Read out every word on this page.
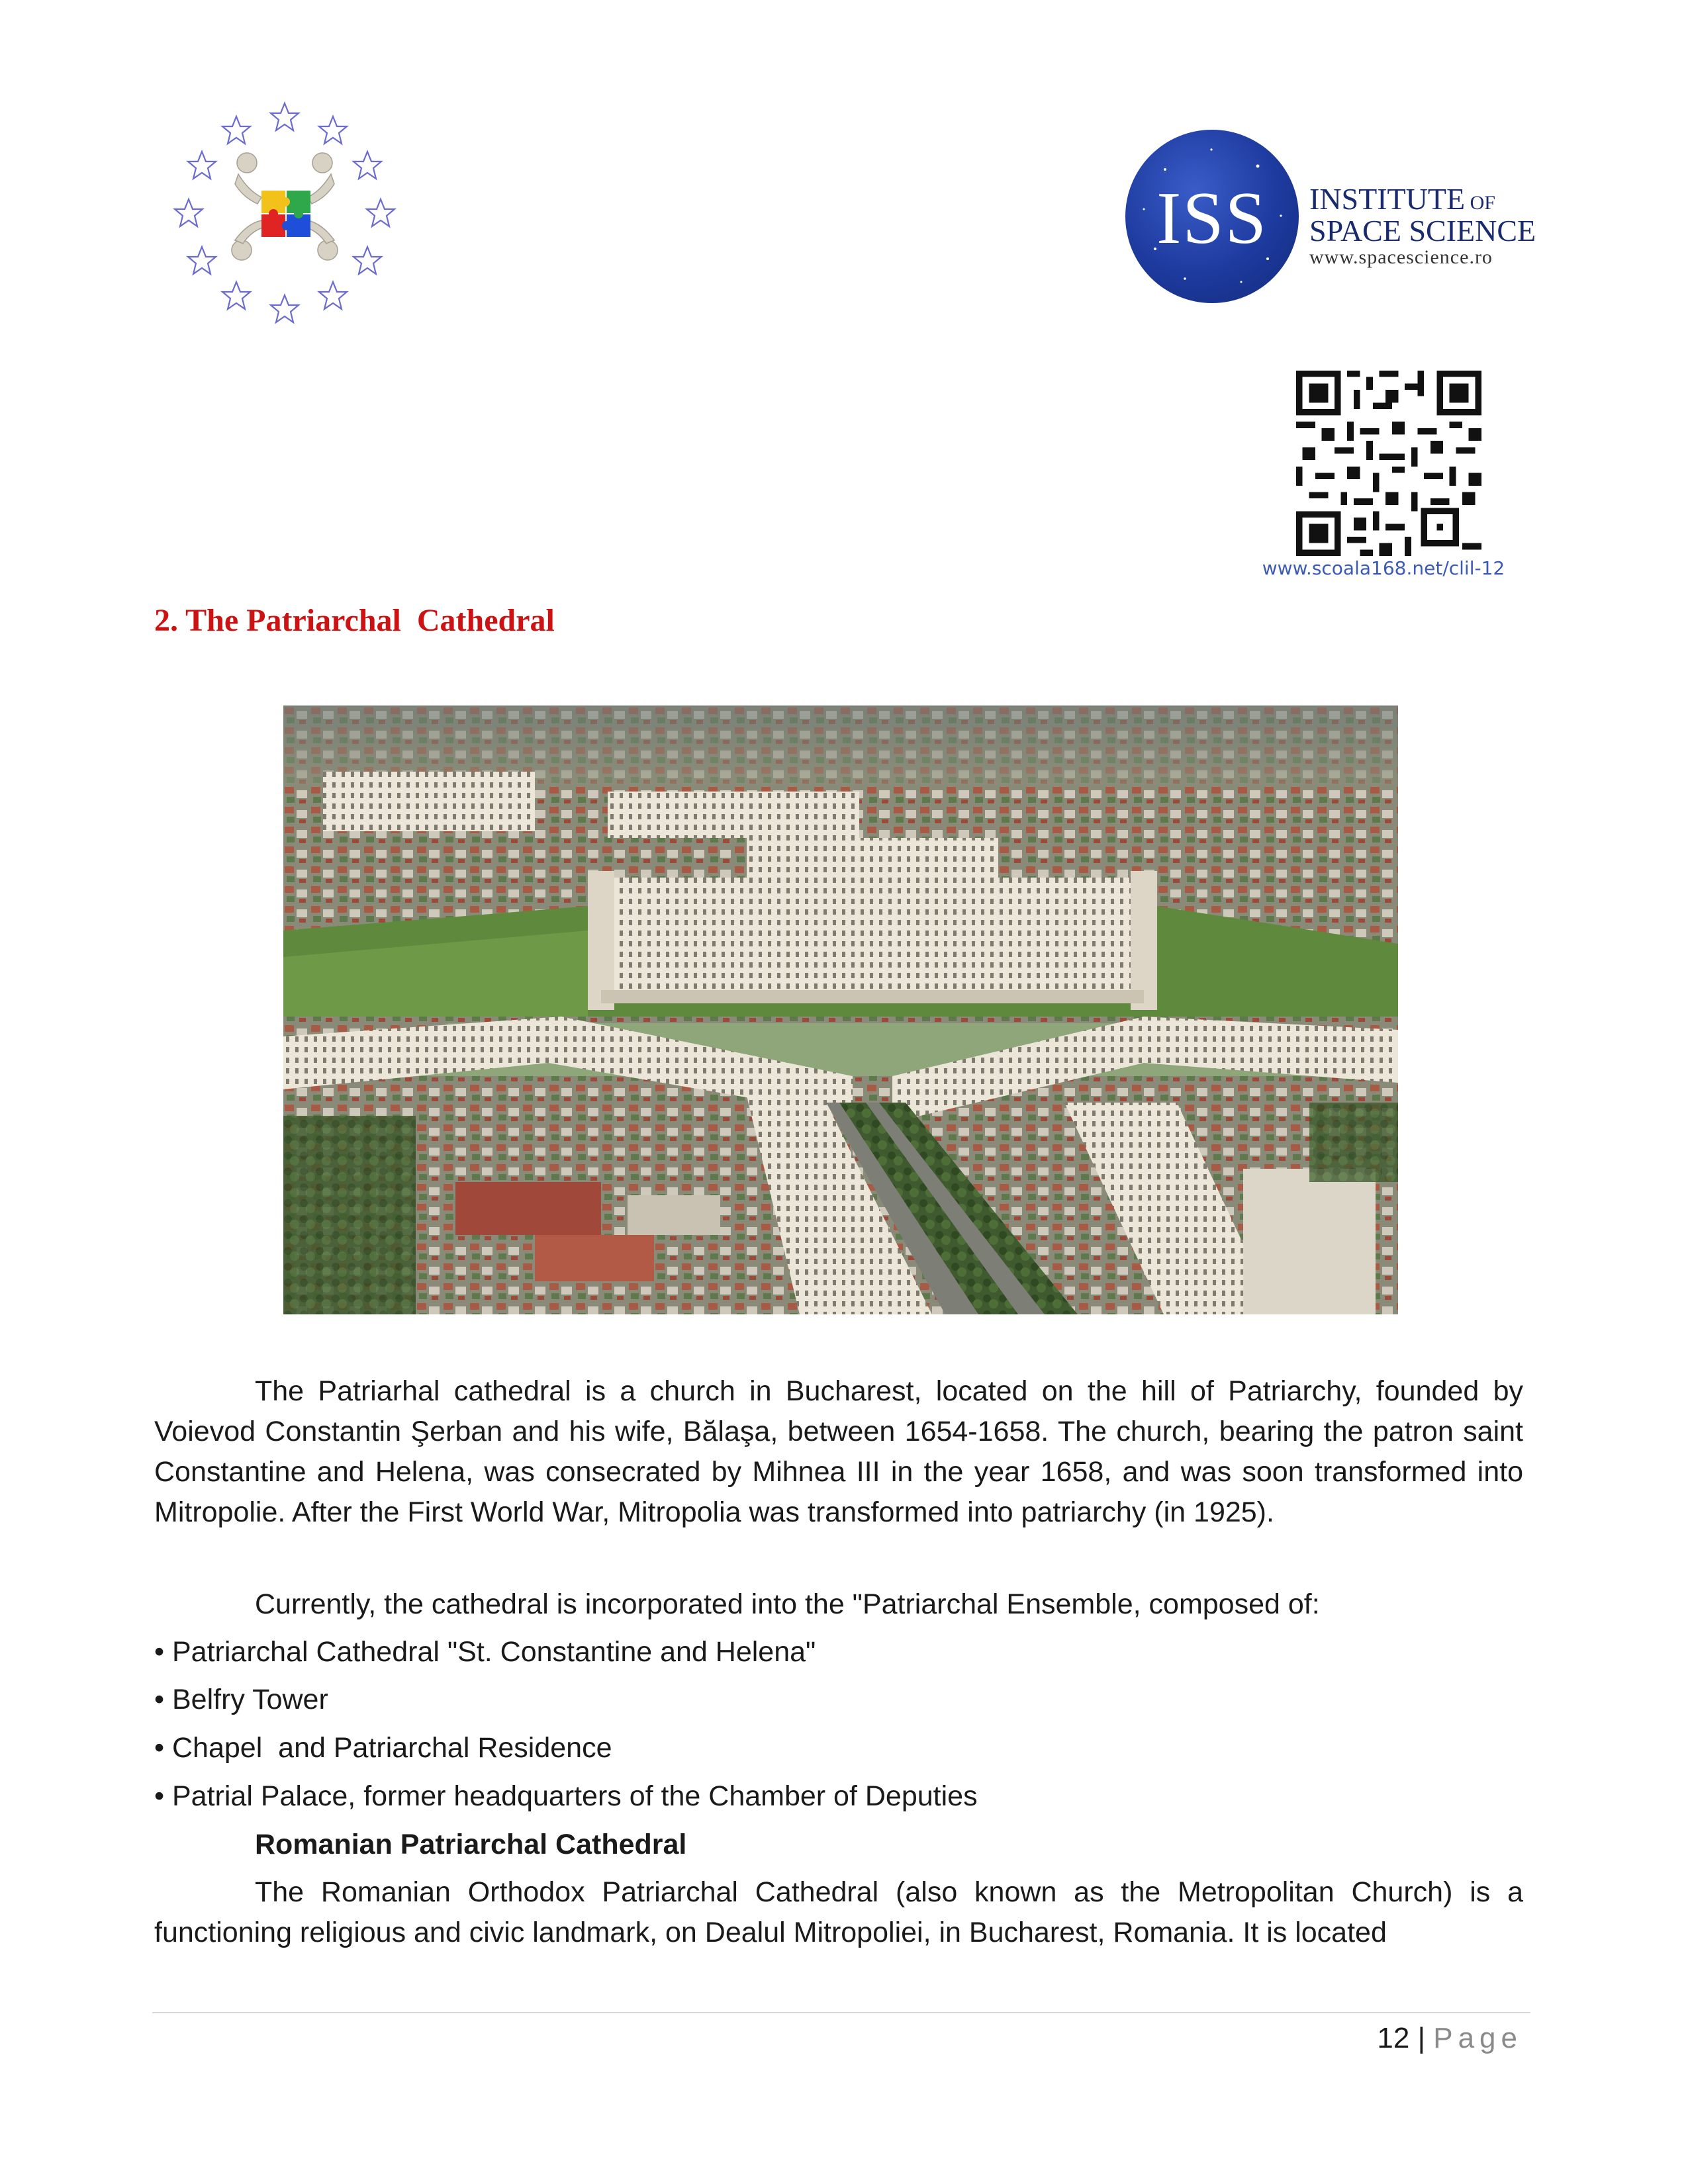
ISS	INSTITUTE OF
SPACE SCIENCE
www.spacescience.ro
www.scoala168.net/clil-12
2. The Patriarchal  Cathedral

The Patriarhal cathedral is a church in Bucharest, located on the hill of Patriarchy, founded by Voievod Constantin Şerban and his wife, Bălaşa, between 1654-1658. The church, bearing the patron saint Constantine and Helena, was consecrated by Mihnea III in the year 1658, and was soon transformed into Mitropolie. After the First World War, Mitropolia was transformed into patriarchy (in 1925).

Currently, the cathedral is incorporated into the "Patriarchal Ensemble, composed of:

• Patriarchal Cathedral "St. Constantine and Helena"
• Belfry Tower
• Chapel  and Patriarchal Residence
• Patrial Palace, former headquarters of the Chamber of Deputies
Romanian Patriarchal Cathedral

The Romanian Orthodox Patriarchal Cathedral (also known as the Metropolitan Church) is a functioning religious and civic landmark, on Dealul Mitropoliei, in Bucharest, Romania. It is located

12 | Page
